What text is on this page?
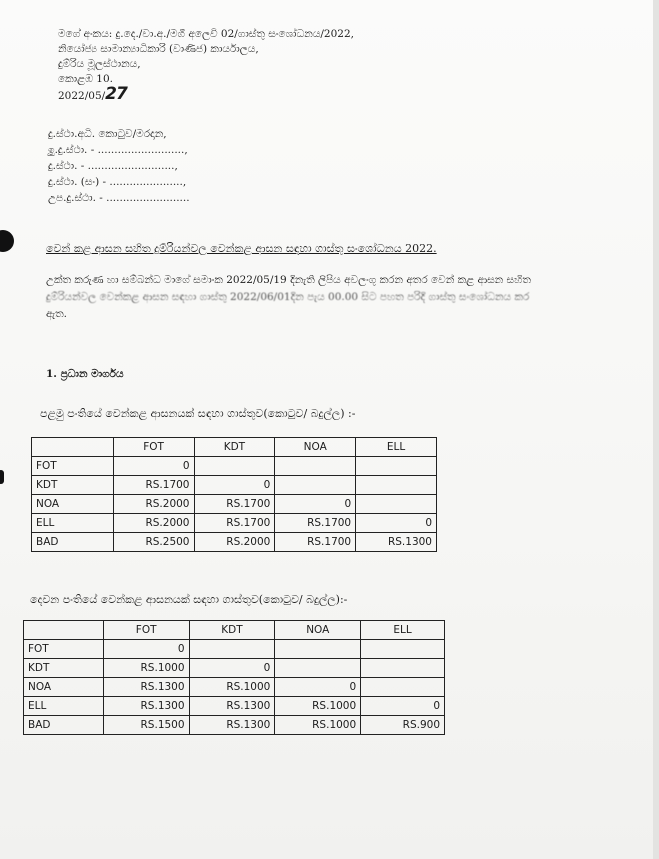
මගේ අංකය: දු.දෙ./වා.අ./මගී අලෙවි 02/ගාස්තු සංශෝධනය/2022,
නියෝජ්‍ය සාමාන්‍යාධිකාරි (වාණිජ) කාර්යාලය,
දුම්රිය මූලස්ථානය,
කොළඹ 10.
2022/05/27
දු.ස්ථා.අධි. කොටුව/මරදාන,
ඉු.දු.ස්ථා. - ..........................,
දු.ස්ථා. - ..........................,
දු.ස්ථා. (සං) - ......................,
උප.දු.ස්ථා. - .........................
වෙන් කළ ආසන සහිත දුම්රියන්වල වෙන්කළ ආසන සඳහා ගාස්තු සංශෝධනය 2022.
උක්ත කරුණ හා සම්බන්ධ මාගේ සමාංක 2022/05/19 දිනැති ලිපිය අවලංගු කරන අතර වෙන් කළ ආසන සහිත
දුම්රියන්වල වෙන්කළ ආසන සඳහා ගාස්තු 2022/06/01දින පැය 00.00 සිට පහත පරිදි ගාස්තු සංශෝධනය කර
ඇත.
1. ප්‍රධාන මාර්ගය
පළමු පංතියේ වෙන්කළ ආසනයක් සඳහා ගාස්තුව(කොටුව/ බදුල්ල) :-
	FOT	KDT	NOA	ELL
FOT	0			
KDT	RS.1700	0		
NOA	RS.2000	RS.1700	0	
ELL	RS.2000	RS.1700	RS.1700	0
BAD	RS.2500	RS.2000	RS.1700	RS.1300
දෙවන පංතියේ වෙන්කළ ආසනයක් සඳහා ගාස්තුව(කොටුව/ බදුල්ල):-
	FOT	KDT	NOA	ELL
FOT	0			
KDT	RS.1000	0		
NOA	RS.1300	RS.1000	0	
ELL	RS.1300	RS.1300	RS.1000	0
BAD	RS.1500	RS.1300	RS.1000	RS.900
